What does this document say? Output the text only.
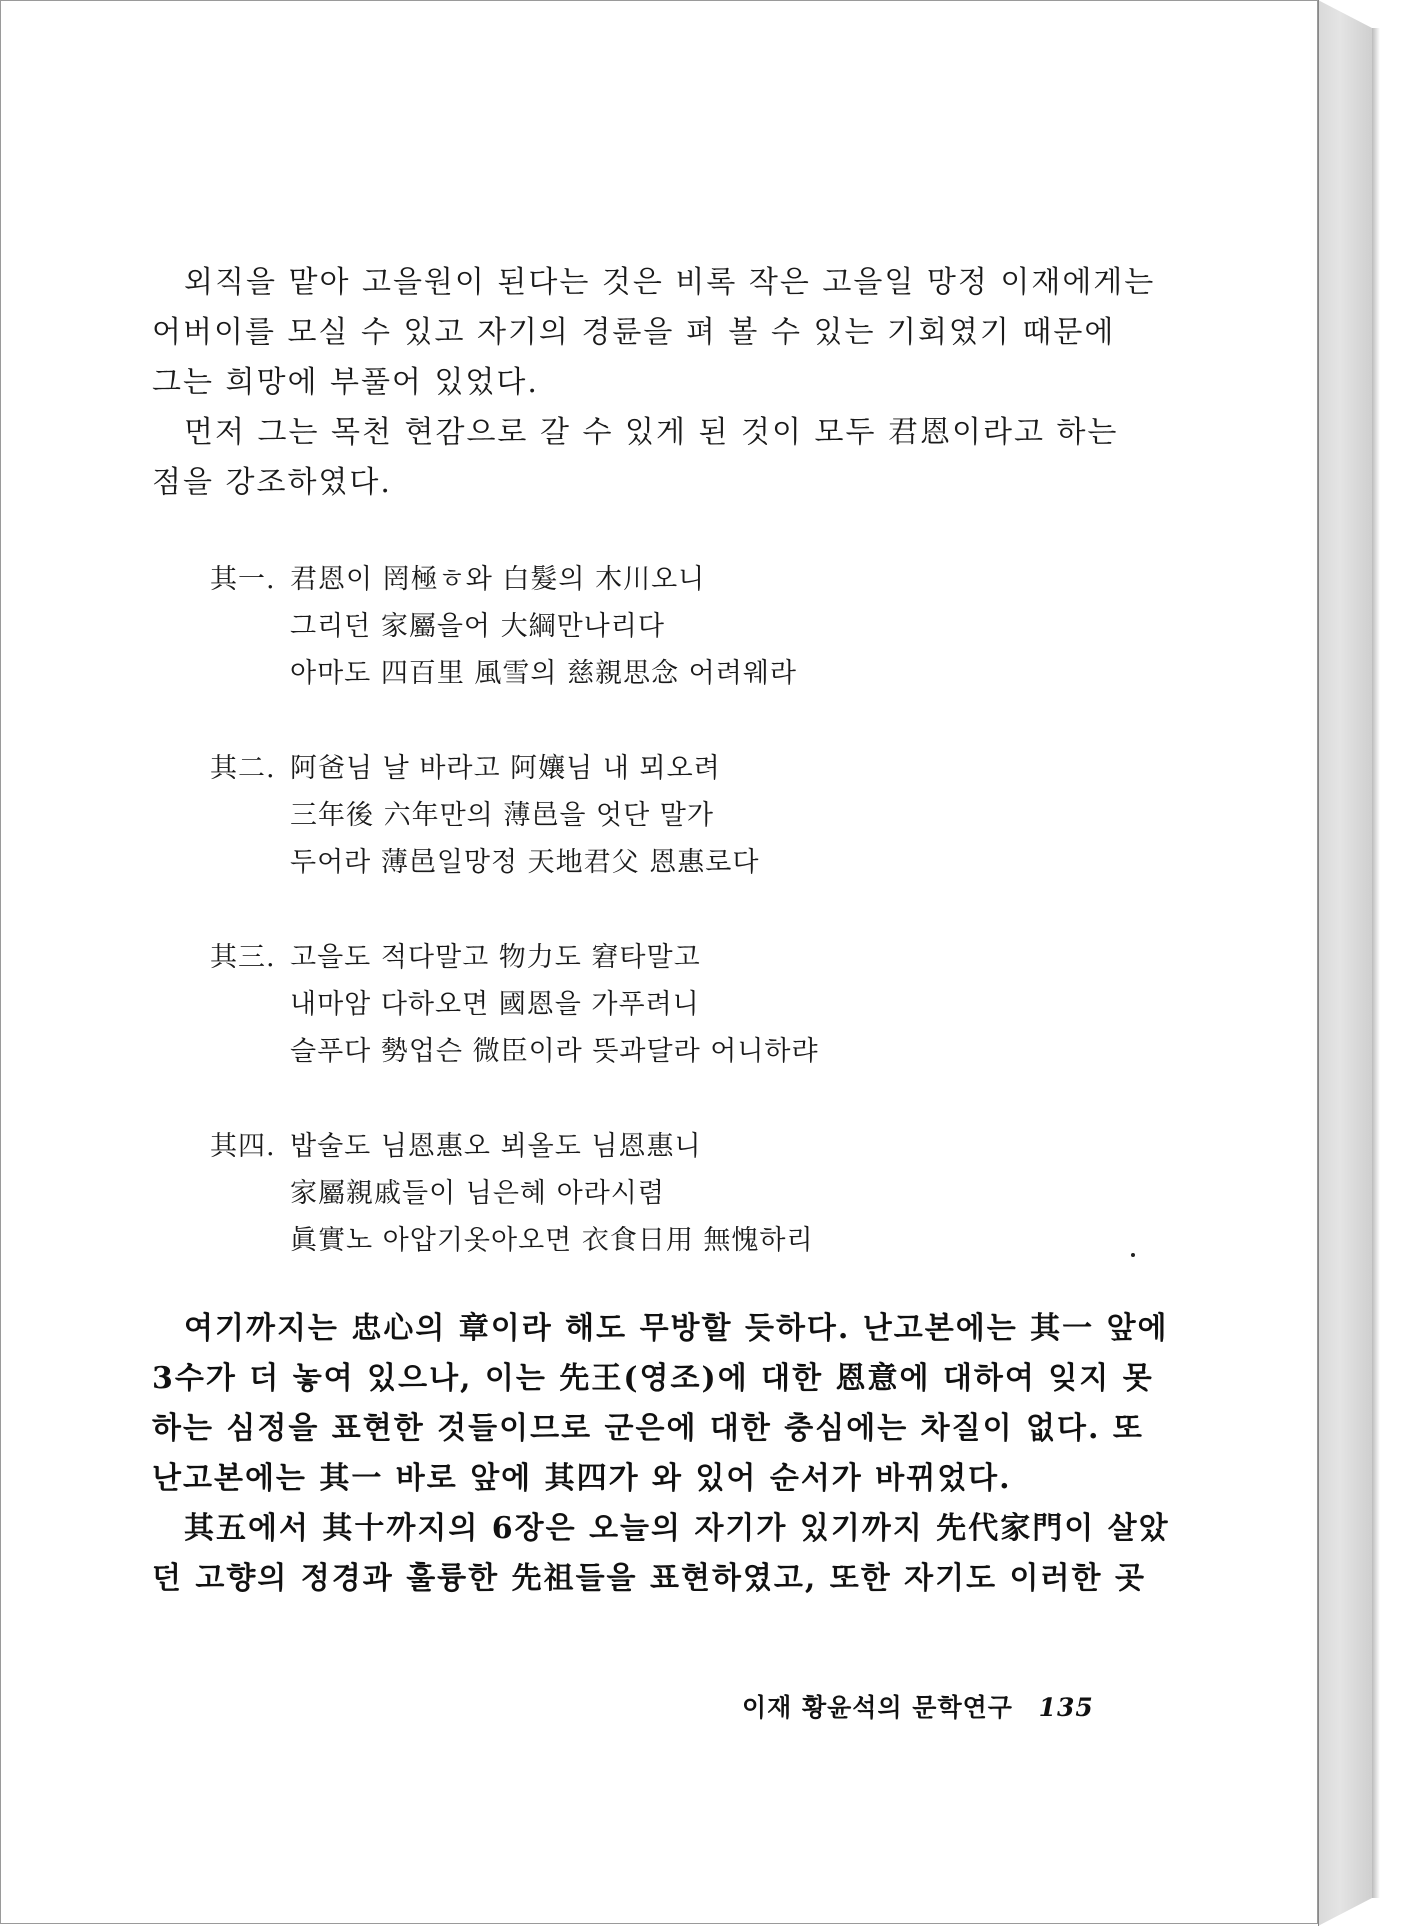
외직을 맡아 고을원이 된다는 것은 비록 작은 고을일 망정 이재에게는
어버이를 모실 수 있고 자기의 경륜을 펴 볼 수 있는 기회였기 때문에
그는 희망에 부풀어 있었다.
먼저 그는 목천 현감으로 갈 수 있게 된 것이 모두 君恩이라고 하는
점을 강조하였다.
其一. 君恩이 罔極ㅎ와 白髮의 木川오니
그리던 家屬을어 大綱만나리다
아마도 四百里 風雪의 慈親思念 어려웨라
其二. 阿爸님 날 바라고 阿孃님 내 뫼오려
三年後 六年만의 薄邑을 엇단 말가
두어라 薄邑일망정 天地君父 恩惠로다
其三. 고을도 적다말고 物力도 窘타말고
내마암 다하오면 國恩을 가푸려니
슬푸다 勢업슨 微臣이라 뜻과달라 어니하랴
其四. 밥술도 님恩惠오 뵈올도 님恩惠니
家屬親戚들이 님은혜 아라시렴
眞實노 아압기옷아오면 衣食日用 無愧하리
여기까지는 忠心의 章이라 해도 무방할 듯하다. 난고본에는 其一 앞에
3수가 더 놓여 있으나, 이는 先王(영조)에 대한 恩意에 대하여 잊지 못
하는 심정을 표현한 것들이므로 군은에 대한 충심에는 차질이 없다. 또
난고본에는 其一 바로 앞에 其四가 와 있어 순서가 바뀌었다.
其五에서 其十까지의 6장은 오늘의 자기가 있기까지 先代家門이 살았
던 고향의 정경과 훌륭한 先祖들을 표현하였고, 또한 자기도 이러한 곳
이재 황윤석의 문학연구 135
